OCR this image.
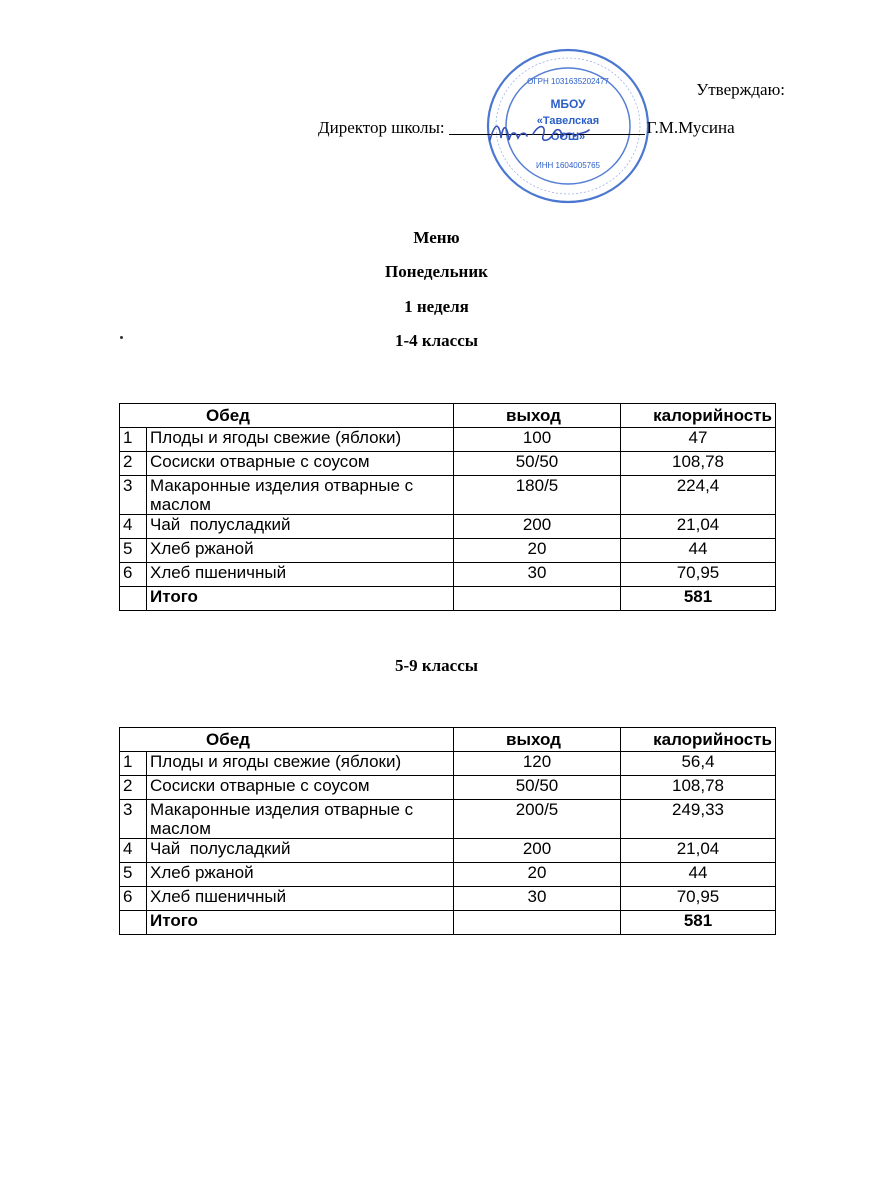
Утверждаю:
МБОУ
«Тавелская
ООШ»
ОГРН 1031635202477
ИНН 1604005765
Директор школы:	Г.М.Мусина
Меню
Понедельник
1 неделя
1-4 классы
Обед		выход	калорийность
1	Плоды и ягоды свежие (яблоки)	100	47
2	Сосиски отварные с соусом	50/50	108,78
3	Макаронные изделия отварные с маслом	180/5	224,4
4	Чай  полусладкий	200	21,04
5	Хлеб ржаной	20	44
6	Хлеб пшеничный	30	70,95
	Итого		581
5-9 классы
Обед		выход	калорийность
1	Плоды и ягоды свежие (яблоки)	120	56,4
2	Сосиски отварные с соусом	50/50	108,78
3	Макаронные изделия отварные с маслом	200/5	249,33
4	Чай  полусладкий	200	21,04
5	Хлеб ржаной	20	44
6	Хлеб пшеничный	30	70,95
	Итого		581
